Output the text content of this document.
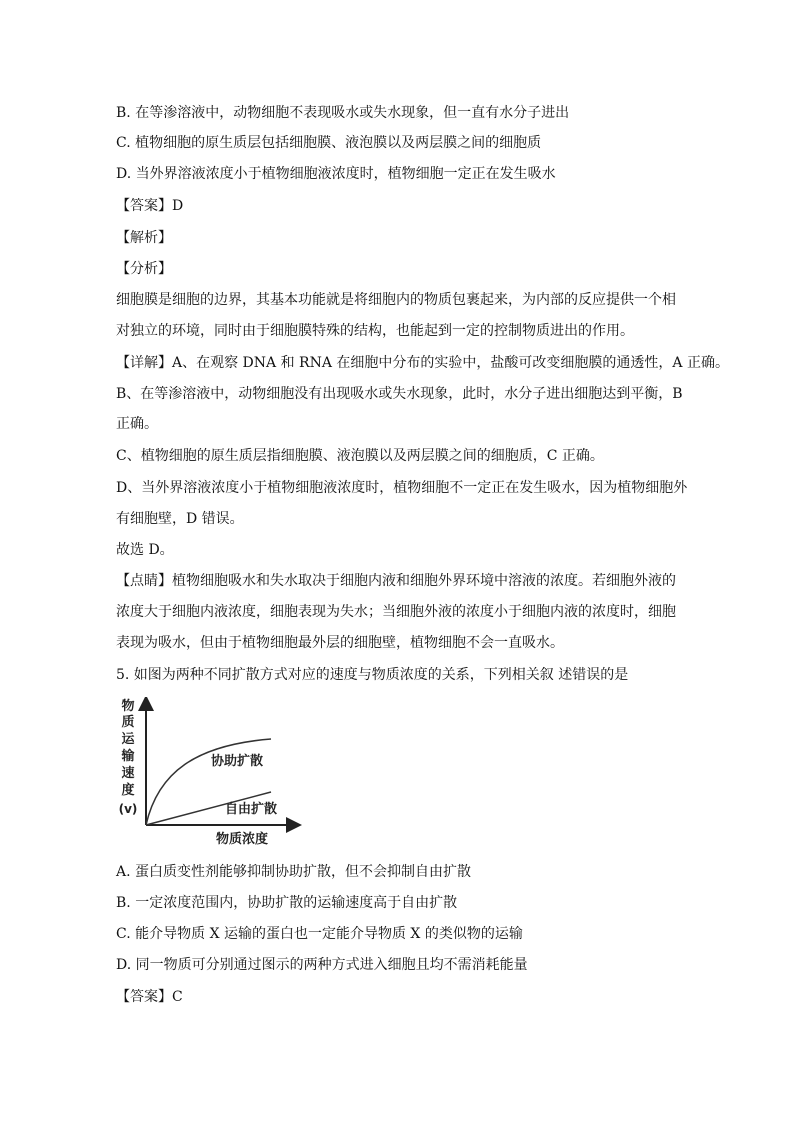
B. 在等渗溶液中，动物细胞不表现吸水或失水现象，但一直有水分子进出
C. 植物细胞的原生质层包括细胞膜、液泡膜以及两层膜之间的细胞质
D. 当外界溶液浓度小于植物细胞液浓度时，植物细胞一定正在发生吸水
【答案】D
【解析】
【分析】
细胞膜是细胞的边界，其基本功能就是将细胞内的物质包裹起来，为内部的反应提供一个相
对独立的环境，同时由于细胞膜特殊的结构，也能起到一定的控制物质进出的作用。
【详解】A、在观察 DNA 和 RNA 在细胞中分布的实验中，盐酸可改变细胞膜的通透性，A 正确。
B、在等渗溶液中，动物细胞没有出现吸水或失水现象，此时，水分子进出细胞达到平衡，B
正确。
C、植物细胞的原生质层指细胞膜、液泡膜以及两层膜之间的细胞质，C 正确。
D、当外界溶液浓度小于植物细胞液浓度时，植物细胞不一定正在发生吸水，因为植物细胞外
有细胞壁，D 错误。
故选 D。
【点睛】植物细胞吸水和失水取决于细胞内液和细胞外界环境中溶液的浓度。若细胞外液的
浓度大于细胞内液浓度，细胞表现为失水；当细胞外液的浓度小于细胞内液的浓度时，细胞
表现为吸水，但由于植物细胞最外层的细胞壁，植物细胞不会一直吸水。
5. 如图为两种不同扩散方式对应的速度与物质浓度的关系，下列相关叙 述错误的是
物
质
运
输
速
度
(v)
协助扩散
自由扩散
物质浓度
A. 蛋白质变性剂能够抑制协助扩散，但不会抑制自由扩散
B. 一定浓度范围内，协助扩散的运输速度高于自由扩散
C. 能介导物质 X 运输的蛋白也一定能介导物质 X 的类似物的运输
D. 同一物质可分别通过图示的两种方式进入细胞且均不需消耗能量
【答案】C
